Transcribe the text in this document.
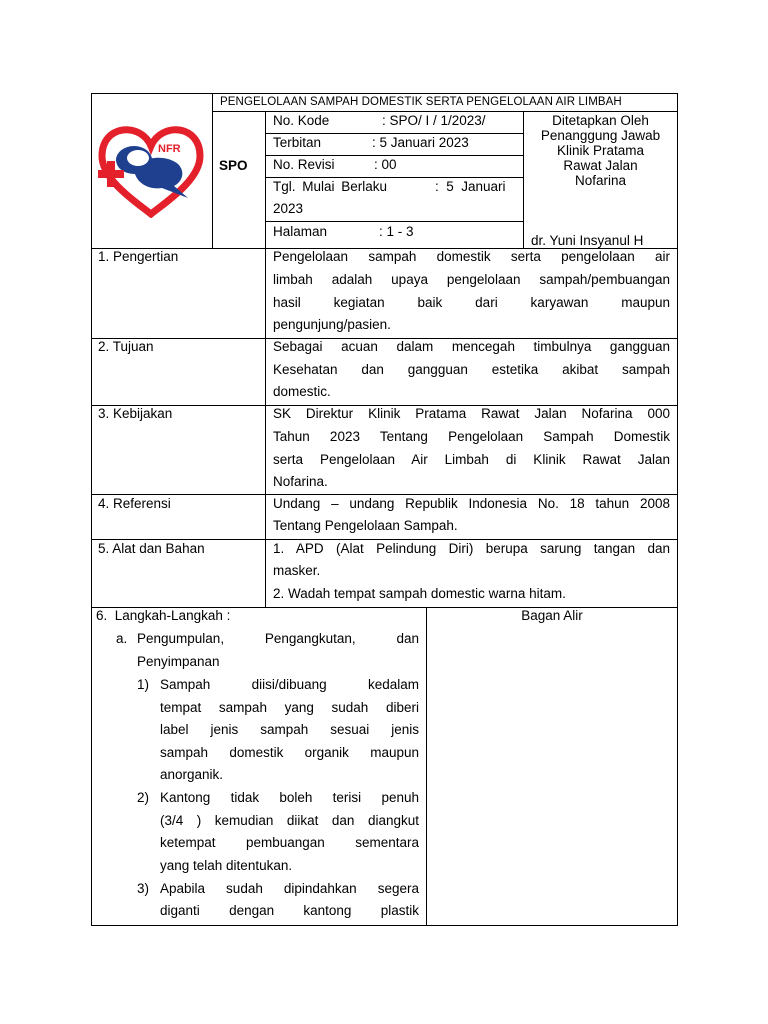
NFR
PENGELOLAAN SAMPAH DOMESTIK SERTA PENGELOLAAN AIR LIMBAH
SPO
No. Kode	: SPO/ I / 1/2023/
Terbitan	: 5 Januari 2023
No. Revisi	: 00
Tgl. Mulai Berlaku	:  5  Januari
2023
Halaman	: 1 - 3
Ditetapkan Oleh
Penanggung Jawab
Klinik Pratama
Rawat Jalan
Nofarina
dr. Yuni Insyanul H
1. Pengertian	Pengelolaan sampah domestik serta pengelolaan air
limbah adalah upaya pengelolaan sampah/pembuangan
hasil kegiatan baik dari karyawan maupun
pengunjung/pasien.
2. Tujuan	Sebagai acuan dalam mencegah timbulnya gangguan
Kesehatan dan gangguan estetika akibat sampah
domestic.
3. Kebijakan	SK Direktur Klinik Pratama Rawat Jalan Nofarina 000
Tahun 2023 Tentang Pengelolaan Sampah Domestik
serta Pengelolaan Air Limbah di Klinik Rawat Jalan
Nofarina.
4. Referensi	Undang – undang Republik Indonesia No. 18 tahun 2008
Tentang Pengelolaan Sampah.
5. Alat dan Bahan	1. APD (Alat Pelindung Diri) berupa sarung tangan dan
masker.
2. Wadah tempat sampah domestic warna hitam.
6.  Langkah-Langkah :	Bagan Alir
a. Pengumpulan, Pengangkutan, dan
Penyimpanan
1) Sampah diisi/dibuang kedalam
tempat sampah yang sudah diberi
label jenis sampah sesuai jenis
sampah domestik organik maupun
anorganik.
2) Kantong tidak boleh terisi penuh
(3/4 ) kemudian diikat dan diangkut
ketempat pembuangan sementara
yang telah ditentukan.
3) Apabila sudah dipindahkan segera
diganti dengan kantong plastik
